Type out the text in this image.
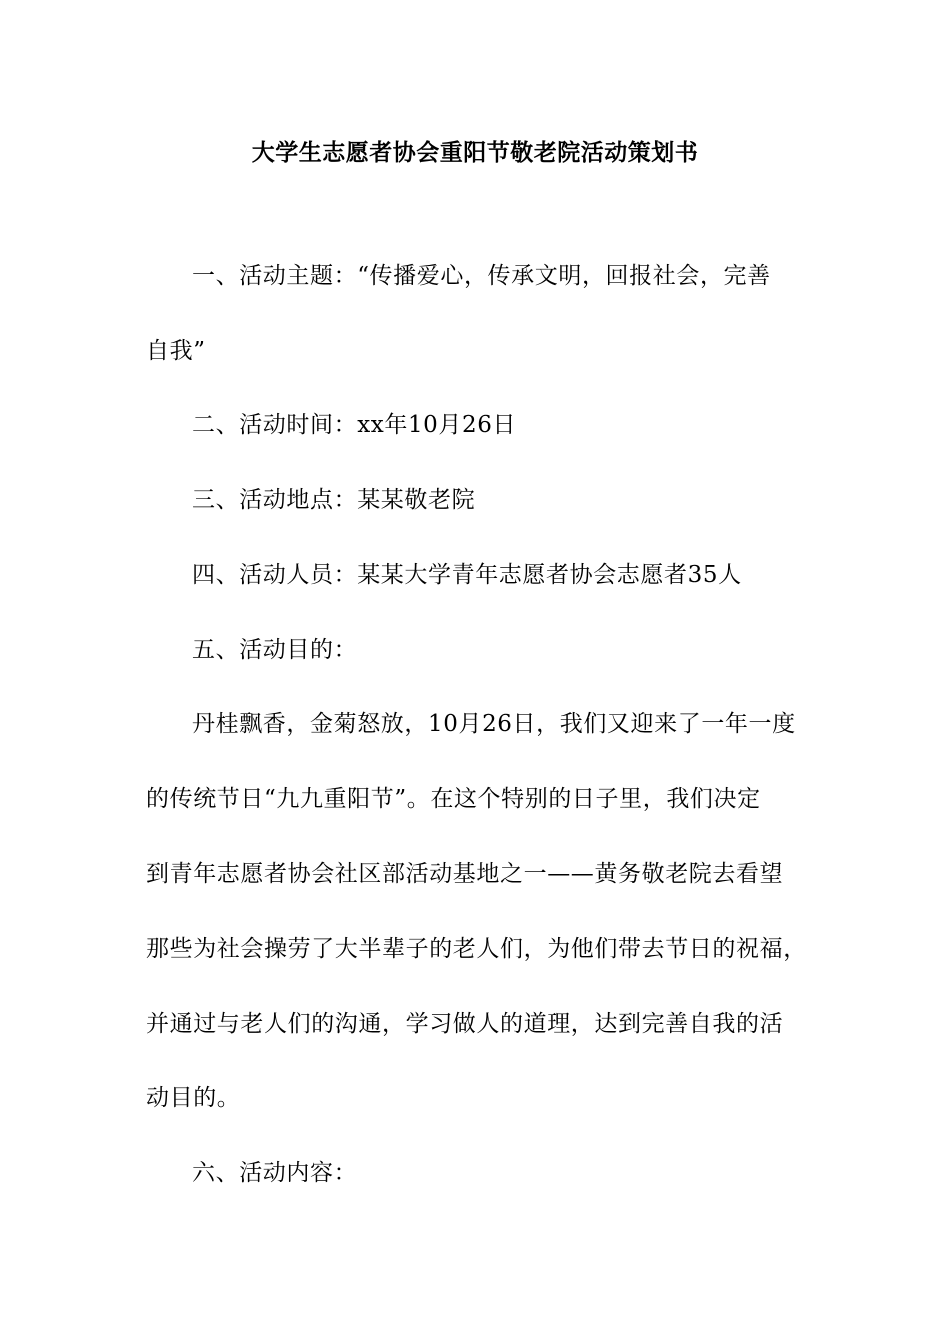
大学生志愿者协会重阳节敬老院活动策划书
一、活动主题：“传播爱心，传承文明，回报社会，完善
自我”
二、活动时间：xx年10月26日
三、活动地点：某某敬老院
四、活动人员：某某大学青年志愿者协会志愿者35人
五、活动目的：
丹桂飘香，金菊怒放，10月26日，我们又迎来了一年一度
的传统节日“九九重阳节”。在这个特别的日子里，我们决定
到青年志愿者协会社区部活动基地之一——黄务敬老院去看望
那些为社会操劳了大半辈子的老人们，为他们带去节日的祝福，
并通过与老人们的沟通，学习做人的道理，达到完善自我的活
动目的。
六、活动内容：
